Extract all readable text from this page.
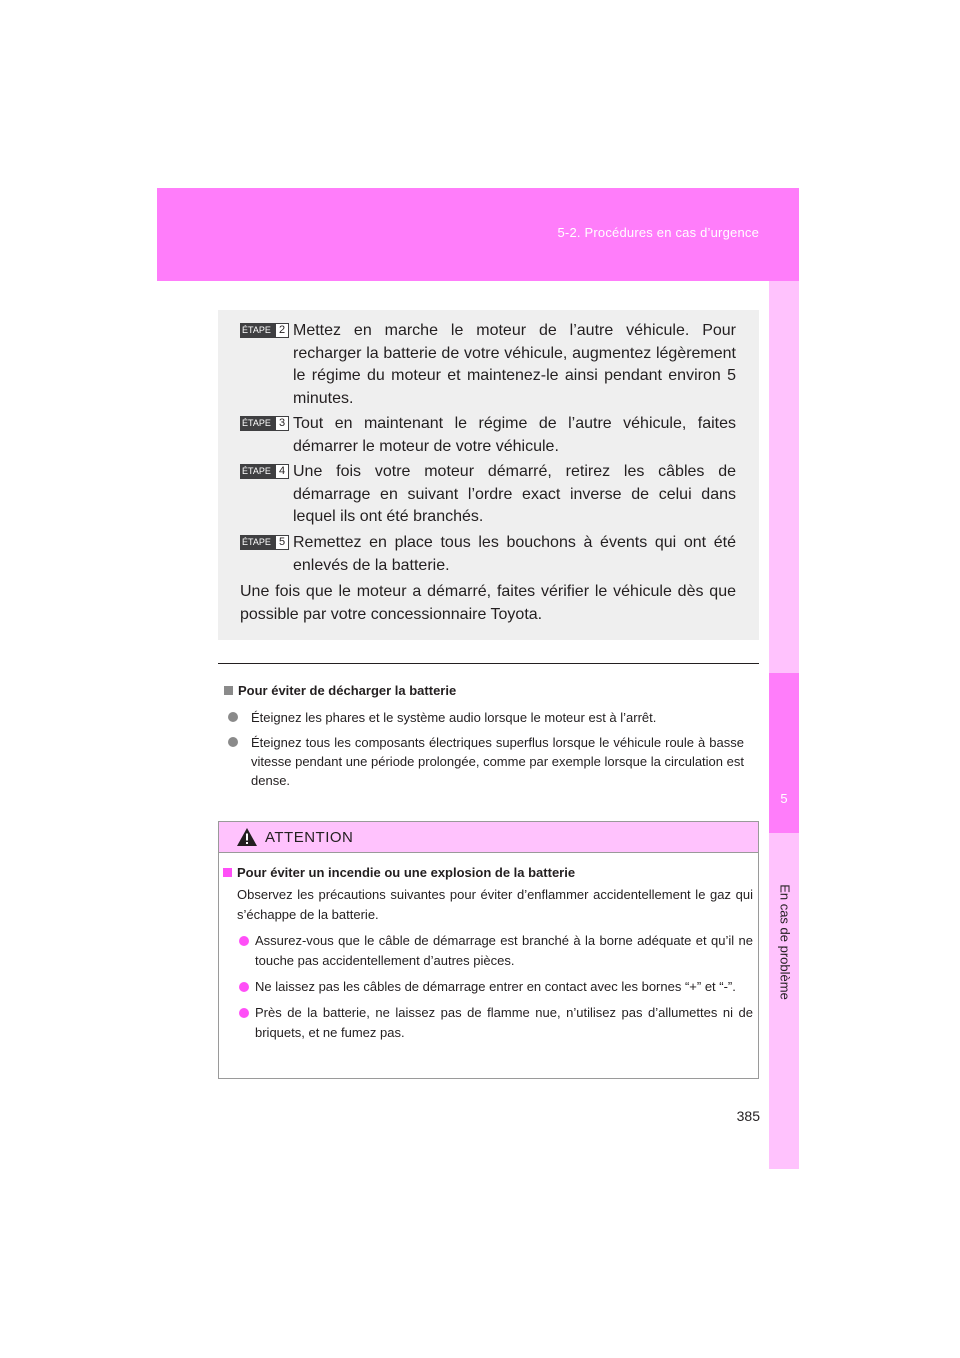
5-2. Procédures en cas d’urgence
5
En cas de problème
ÉTAPE 2 Mettez en marche le moteur de l’autre véhicule. Pour recharger la batterie de votre véhicule, augmentez légèrement le régime du moteur et maintenez-le ainsi pendant environ 5 minutes.
ÉTAPE 3 Tout en maintenant le régime de l’autre véhicule, faites démarrer le moteur de votre véhicule.
ÉTAPE 4 Une fois votre moteur démarré, retirez les câbles de démarrage en suivant l’ordre exact inverse de celui dans lequel ils ont été branchés.
ÉTAPE 5 Remettez en place tous les bouchons à évents qui ont été enlevés de la batterie.
Une fois que le moteur a démarré, faites vérifier le véhicule dès que possible par votre concessionnaire Toyota.
Pour éviter de décharger la batterie
Éteignez les phares et le système audio lorsque le moteur est à l’arrêt.
Éteignez tous les composants électriques superflus lorsque le véhicule roule à basse vitesse pendant une période prolongée, comme par exemple lorsque la circulation est dense.
ATTENTION
Pour éviter un incendie ou une explosion de la batterie
Observez les précautions suivantes pour éviter d’enflammer accidentellement le gaz qui s’échappe de la batterie.
Assurez-vous que le câble de démarrage est branché à la borne adéquate et qu’il ne touche pas accidentellement d’autres pièces.
Ne laissez pas les câbles de démarrage entrer en contact avec les bornes “+” et “-”.
Près de la batterie, ne laissez pas de flamme nue, n’utilisez pas d’allumettes ni de briquets, et ne fumez pas.
385
